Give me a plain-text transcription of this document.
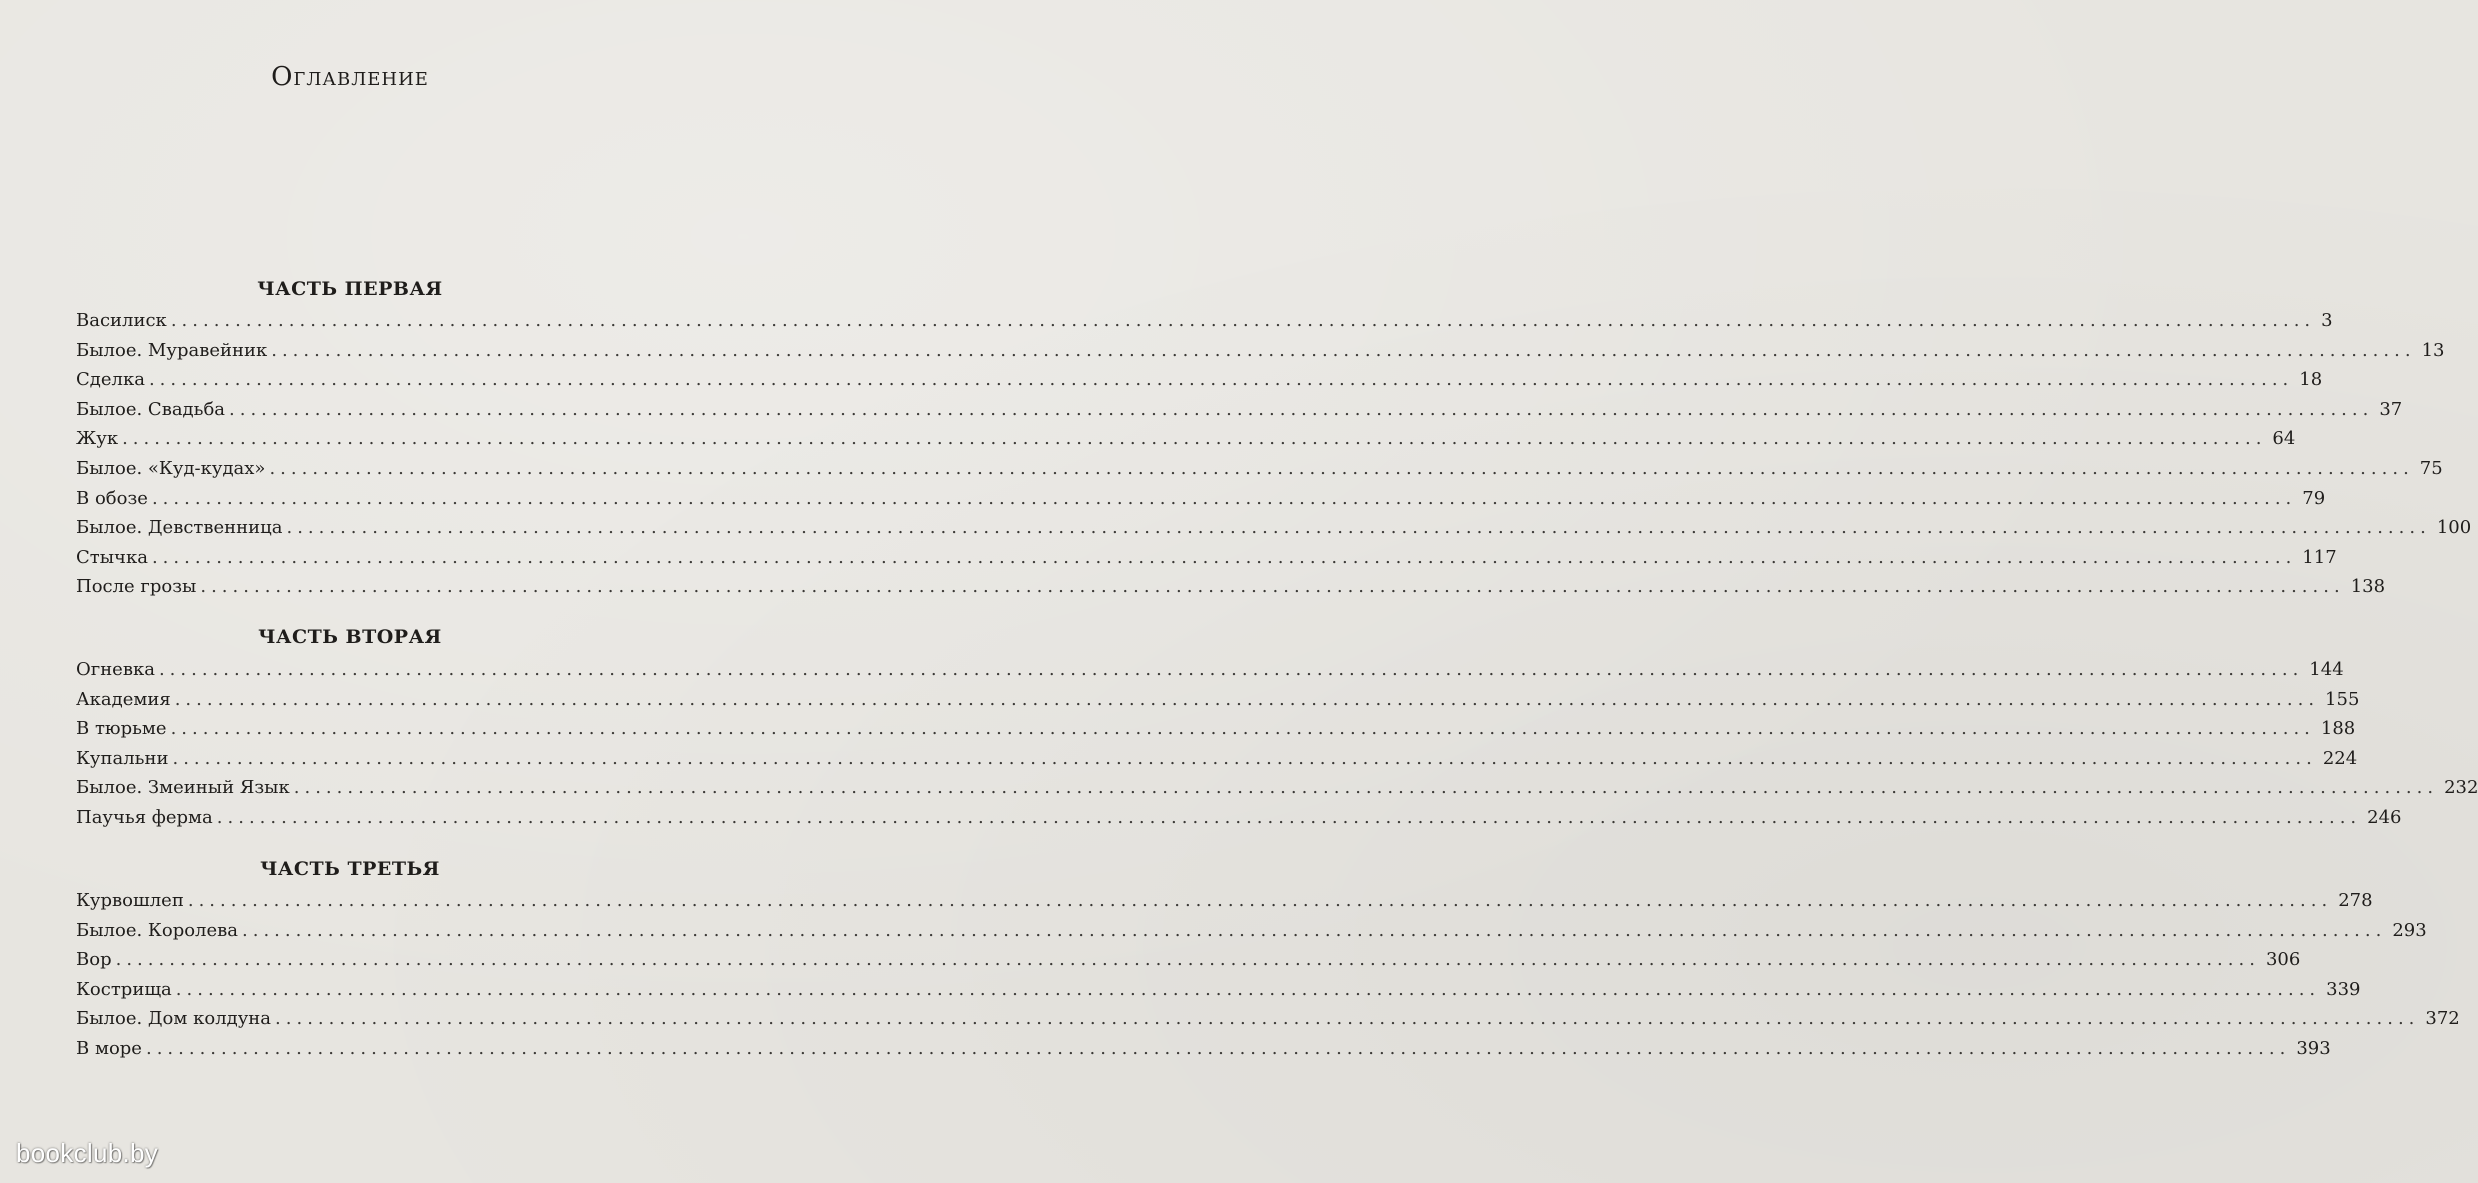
Оглавление
ЧАСТЬ ПЕРВАЯ
Василиск ........................................................................................................................................................................................................ 3
Былое. Муравейник ........................................................................................................................................................................................................ 13
Сделка ........................................................................................................................................................................................................ 18
Былое. Свадьба ........................................................................................................................................................................................................ 37
Жук ........................................................................................................................................................................................................ 64
Былое. «Куд-кудах» ........................................................................................................................................................................................................ 75
В обозе ........................................................................................................................................................................................................ 79
Былое. Девственница ........................................................................................................................................................................................................ 100
Стычка ........................................................................................................................................................................................................ 117
После грозы ........................................................................................................................................................................................................ 138
ЧАСТЬ ВТОРАЯ
Огневка ........................................................................................................................................................................................................ 144
Академия ........................................................................................................................................................................................................ 155
В тюрьме ........................................................................................................................................................................................................ 188
Купальни ........................................................................................................................................................................................................ 224
Былое. Змеиный Язык ........................................................................................................................................................................................................ 232
Паучья ферма ........................................................................................................................................................................................................ 246
ЧАСТЬ ТРЕТЬЯ
Курвошлеп ........................................................................................................................................................................................................ 278
Былое. Королева ........................................................................................................................................................................................................ 293
Вор ........................................................................................................................................................................................................ 306
Кострища ........................................................................................................................................................................................................ 339
Былое. Дом колдуна ........................................................................................................................................................................................................ 372
В море ........................................................................................................................................................................................................ 393
bookclub.by
